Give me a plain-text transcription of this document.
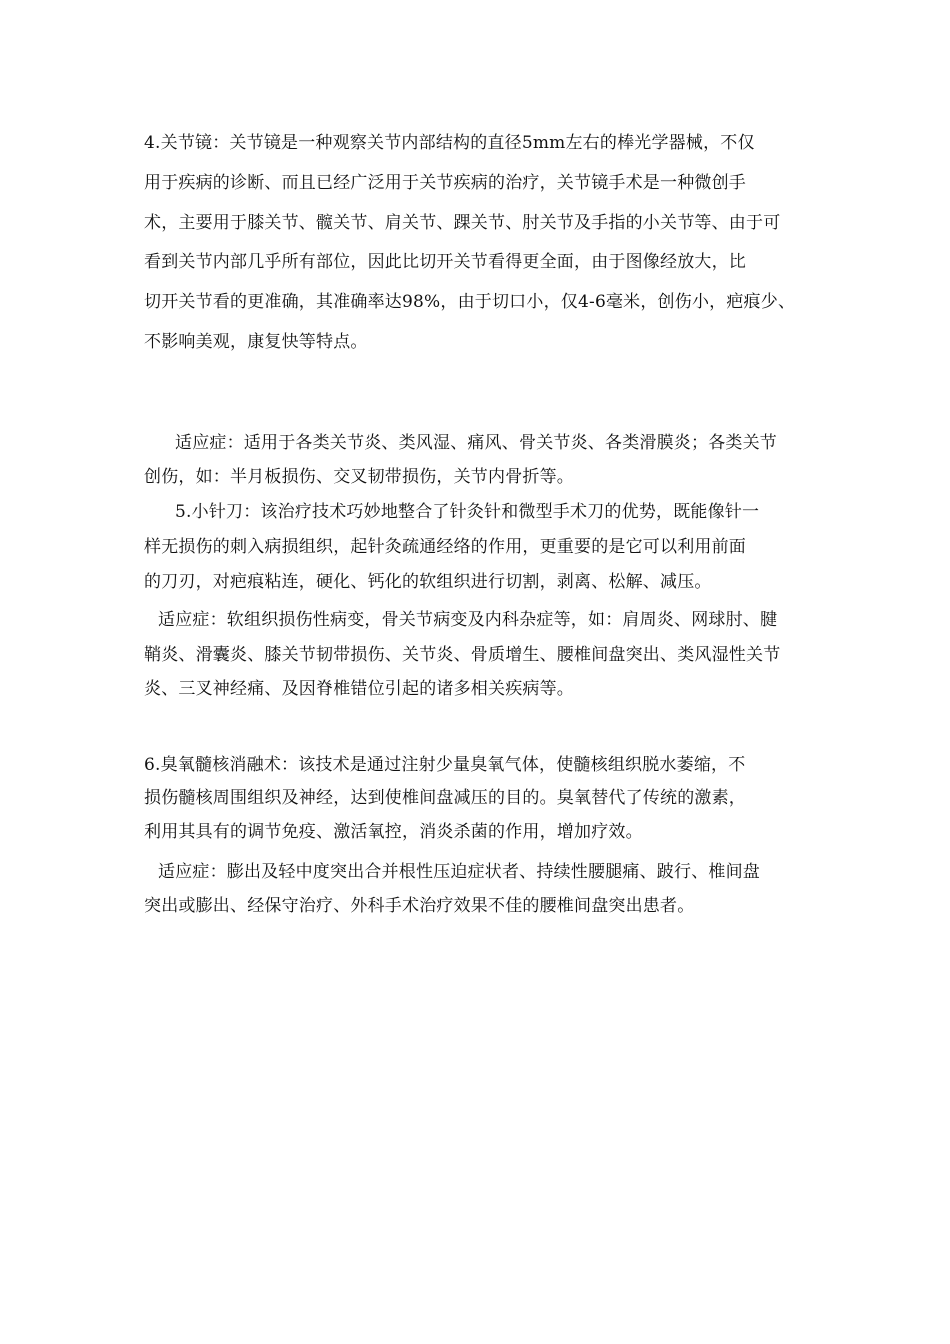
4.关节镜：关节镜是一种观察关节内部结构的直径5mm左右的棒光学器械，不仅
用于疾病的诊断、而且已经广泛用于关节疾病的治疗，关节镜手术是一种微创手
术，主要用于膝关节、髋关节、肩关节、踝关节、肘关节及手指的小关节等、由于可
看到关节内部几乎所有部位，因此比切开关节看得更全面，由于图像经放大，比
切开关节看的更准确，其准确率达98%，由于切口小，仅4-6毫米，创伤小，疤痕少、
不影响美观，康复快等特点。
适应症：适用于各类关节炎、类风湿、痛风、骨关节炎、各类滑膜炎；各类关节
创伤，如：半月板损伤、交叉韧带损伤，关节内骨折等。
5.小针刀：该治疗技术巧妙地整合了针灸针和微型手术刀的优势，既能像针一
样无损伤的刺入病损组织，起针灸疏通经络的作用，更重要的是它可以利用前面
的刀刃，对疤痕粘连，硬化、钙化的软组织进行切割，剥离、松解、减压。
适应症：软组织损伤性病变，骨关节病变及内科杂症等，如：肩周炎、网球肘、腱
鞘炎、滑囊炎、膝关节韧带损伤、关节炎、骨质增生、腰椎间盘突出、类风湿性关节
炎、三叉神经痛、及因脊椎错位引起的诸多相关疾病等。
6.臭氧髓核消融术：该技术是通过注射少量臭氧气体，使髓核组织脱水萎缩，不
损伤髓核周围组织及神经，达到使椎间盘减压的目的。臭氧替代了传统的激素，
利用其具有的调节免疫、激活氧控，消炎杀菌的作用，增加疗效。
适应症：膨出及轻中度突出合并根性压迫症状者、持续性腰腿痛、跛行、椎间盘
突出或膨出、经保守治疗、外科手术治疗效果不佳的腰椎间盘突出患者。
